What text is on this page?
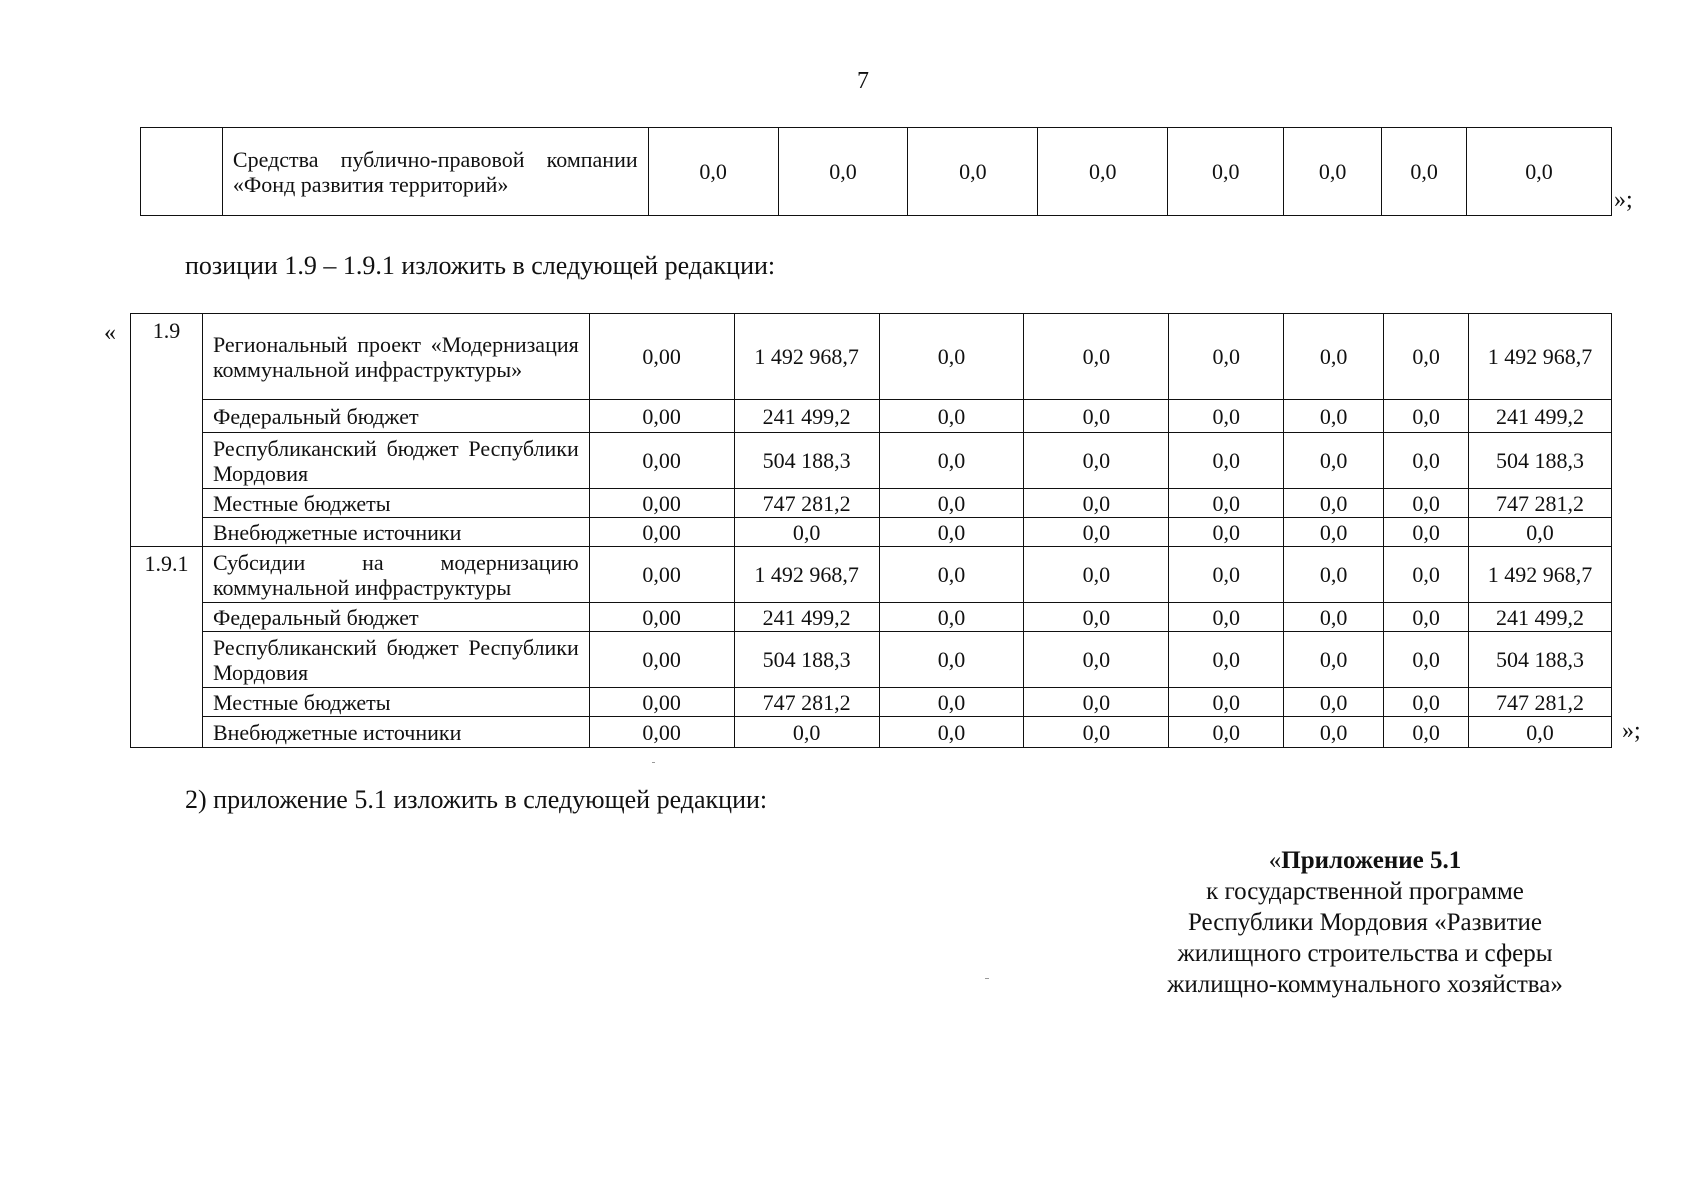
7
	Средства публично-правовой компании «Фонд развития территорий»	0,0	0,0	0,0	0,0	0,0	0,0	0,0	0,0
»;
позиции 1.9 – 1.9.1 изложить в следующей редакции:
« 1.9	Региональный проект «Модернизация коммунальной инфраструктуры»	0,00	1 492 968,7	0,0	0,0	0,0	0,0	0,0	1 492 968,7
	Федеральный бюджет	0,00	241 499,2	0,0	0,0	0,0	0,0	0,0	241 499,2
	Республиканский бюджет Республики Мордовия	0,00	504 188,3	0,0	0,0	0,0	0,0	0,0	504 188,3
	Местные бюджеты	0,00	747 281,2	0,0	0,0	0,0	0,0	0,0	747 281,2
	Внебюджетные источники	0,00	0,0	0,0	0,0	0,0	0,0	0,0	0,0
1.9.1	Субсидии на модернизацию коммунальной инфраструктуры	0,00	1 492 968,7	0,0	0,0	0,0	0,0	0,0	1 492 968,7
	Федеральный бюджет	0,00	241 499,2	0,0	0,0	0,0	0,0	0,0	241 499,2
	Республиканский бюджет Республики Мордовия	0,00	504 188,3	0,0	0,0	0,0	0,0	0,0	504 188,3
	Местные бюджеты	0,00	747 281,2	0,0	0,0	0,0	0,0	0,0	747 281,2
	Внебюджетные источники	0,00	0,0	0,0	0,0	0,0	0,0	0,0	0,0	»;
2) приложение 5.1 изложить в следующей редакции:
«Приложение 5.1
к государственной программе
Республики Мордовия «Развитие
жилищного строительства и сферы
жилищно-коммунального хозяйства»
